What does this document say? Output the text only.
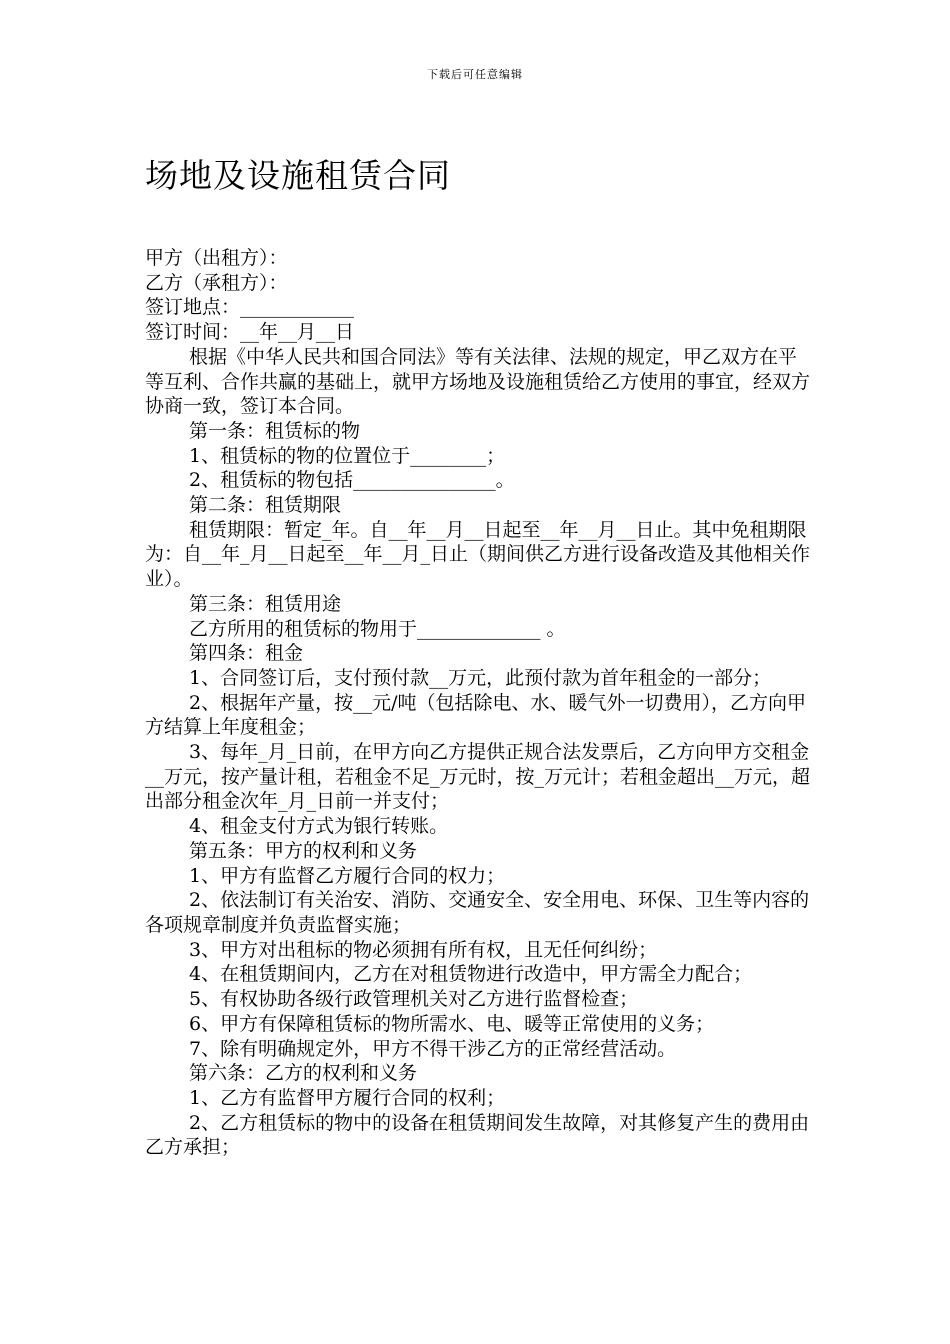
下载后可任意编辑
场地及设施租赁合同
甲方（出租方）：
乙方（承租方）：
签订地点：____________
签订时间：__年__月__日
根据《中华人民共和国合同法》等有关法律、法规的规定，甲乙双方在平等互利、合作共赢的基础上，就甲方场地及设施租赁给乙方使用的事宜，经双方协商一致，签订本合同。
第一条：租赁标的物
1、租赁标的物的位置位于________；
2、租赁标的物包括_______________。
第二条：租赁期限
租赁期限：暂定_年。自__年__月__日起至__年__月__日止。其中免租期限为：自__年_月__日起至__年__月_日止（期间供乙方进行设备改造及其他相关作业）。
第三条：租赁用途
乙方所用的租赁标的物用于_____________ 。
第四条：租金
1、合同签订后，支付预付款__万元，此预付款为首年租金的一部分；
2、根据年产量，按__元/吨（包括除电、水、暖气外一切费用），乙方向甲方结算上年度租金；
3、每年_月_日前，在甲方向乙方提供正规合法发票后，乙方向甲方交租金 __万元，按产量计租，若租金不足_万元时，按_万元计；若租金超出__万元，超出部分租金次年_月_日前一并支付；
4、租金支付方式为银行转账。
第五条：甲方的权利和义务
1、甲方有监督乙方履行合同的权力；
2、依法制订有关治安、消防、交通安全、安全用电、环保、卫生等内容的各项规章制度并负责监督实施；
3、甲方对出租标的物必须拥有所有权，且无任何纠纷；
4、在租赁期间内，乙方在对租赁物进行改造中，甲方需全力配合；
5、有权协助各级行政管理机关对乙方进行监督检查；
6、甲方有保障租赁标的物所需水、电、暖等正常使用的义务；
7、除有明确规定外，甲方不得干涉乙方的正常经营活动。
第六条：乙方的权利和义务
1、乙方有监督甲方履行合同的权利；
2、乙方租赁标的物中的设备在租赁期间发生故障，对其修复产生的费用由乙方承担；
